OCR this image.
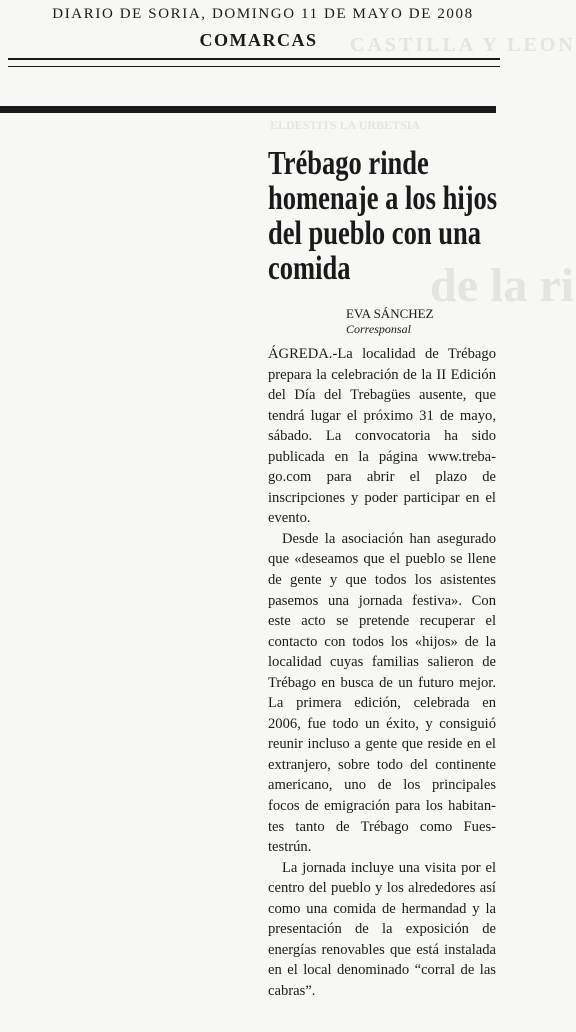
CASTILLA Y LEON
ELDESTITS LA URBETSIA
de la ri
DIARIO DE SORIA, DOMINGO 11 DE MAYO DE 2008
COMARCAS
Trébago rinde homenaje a los hijos del pueblo con una comida
EVA SÁNCHEZ
Corresponsal

ÁGREDA.-La localidad de Trébago prepara la celebración de la II Edición del Día del Trebagües ausente, que tendrá lugar el próximo 31 de mayo, sábado. La convocatoria ha sido publicada en la página www.trebago.com para abrir el plazo de inscripciones y poder participar en el evento.

Desde la asociación han asegurado que «deseamos que el pueblo se llene de gente y que todos los asistentes pasemos una jornada festiva». Con este acto se pretende recuperar el contacto con todos los «hijos» de la localidad cuyas familias salieron de Trébago en busca de un futuro mejor. La primera edición, celebrada en 2006, fue todo un éxito, y consiguió reunir incluso a gente que reside en el extranjero, sobre todo del continente americano, uno de los principales focos de emigración para los habitantes tanto de Trébago como Fuestestrún.

La jornada incluye una visita por el centro del pueblo y los alrededores así como una comida de hermandad y la presentación de la exposición de energías renovables que está instalada en el local denominado “corral de las cabras”.
